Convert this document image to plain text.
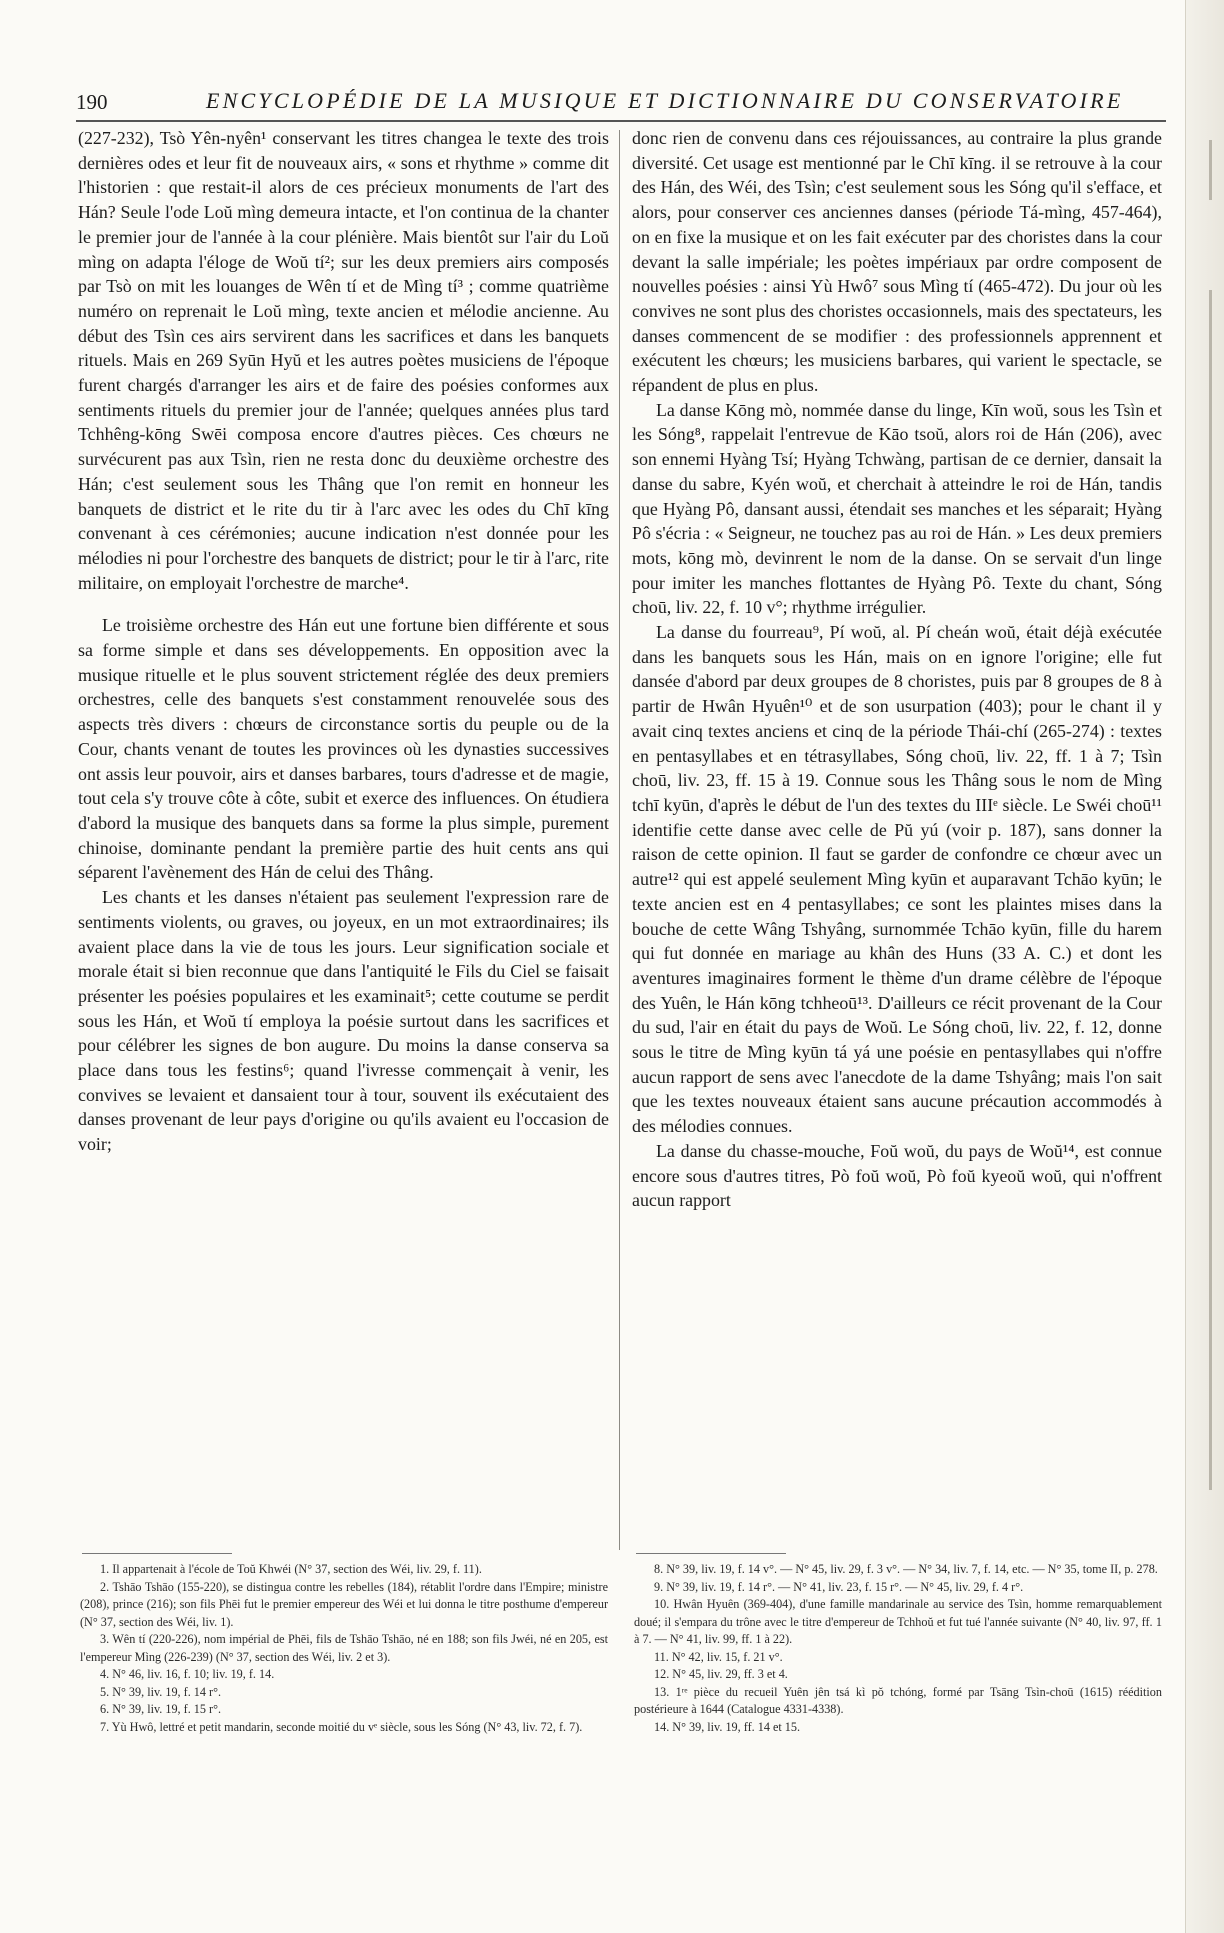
190	ENCYCLOPÉDIE DE LA MUSIQUE ET DICTIONNAIRE DU CONSERVATOIRE

(227-232), Tsò Yên-nyên¹ conservant les titres changea le texte des trois dernières odes et leur fit de nouveaux airs, « sons et rhythme » comme dit l'historien : que restait-il alors de ces précieux monuments de l'art des Hán? Seule l'ode Loŭ mìng demeura intacte, et l'on continua de la chanter le premier jour de l'année à la cour plénière. Mais bientôt sur l'air du Loŭ mìng on adapta l'éloge de Woŭ tí²; sur les deux premiers airs composés par Tsò on mit les louanges de Wên tí et de Mìng tí³ ; comme quatrième numéro on reprenait le Loŭ mìng, texte ancien et mélodie ancienne. Au début des Tsìn ces airs servirent dans les sacrifices et dans les banquets rituels. Mais en 269 Syūn Hyŭ et les autres poètes musiciens de l'époque furent chargés d'arranger les airs et de faire des poésies conformes aux sentiments rituels du premier jour de l'année; quelques années plus tard Tchhêng-kōng Swēi composa encore d'autres pièces. Ces chœurs ne survécurent pas aux Tsìn, rien ne resta donc du deuxième orchestre des Hán; c'est seulement sous les Thâng que l'on remit en honneur les banquets de district et le rite du tir à l'arc avec les odes du Chī kīng convenant à ces cérémonies; aucune indication n'est donnée pour les mélodies ni pour l'orchestre des banquets de district; pour le tir à l'arc, rite militaire, on employait l'orchestre de marche⁴.

Le troisième orchestre des Hán eut une fortune bien différente et sous sa forme simple et dans ses développements. En opposition avec la musique rituelle et le plus souvent strictement réglée des deux premiers orchestres, celle des banquets s'est constamment renouvelée sous des aspects très divers : chœurs de circonstance sortis du peuple ou de la Cour, chants venant de toutes les provinces où les dynasties successives ont assis leur pouvoir, airs et danses barbares, tours d'adresse et de magie, tout cela s'y trouve côte à côte, subit et exerce des influences. On étudiera d'abord la musique des banquets dans sa forme la plus simple, purement chinoise, dominante pendant la première partie des huit cents ans qui séparent l'avènement des Hán de celui des Thâng.

Les chants et les danses n'étaient pas seulement l'expression rare de sentiments violents, ou graves, ou joyeux, en un mot extraordinaires; ils avaient place dans la vie de tous les jours. Leur signification sociale et morale était si bien reconnue que dans l'antiquité le Fils du Ciel se faisait présenter les poésies populaires et les examinait⁵; cette coutume se perdit sous les Hán, et Woŭ tí employa la poésie surtout dans les sacrifices et pour célébrer les signes de bon augure. Du moins la danse conserva sa place dans tous les festins⁶; quand l'ivresse commençait à venir, les convives se levaient et dansaient tour à tour, souvent ils exécutaient des danses provenant de leur pays d'origine ou qu'ils avaient eu l'occasion de voir;

donc rien de convenu dans ces réjouissances, au contraire la plus grande diversité. Cet usage est mentionné par le Chī kīng. il se retrouve à la cour des Hán, des Wéi, des Tsìn; c'est seulement sous les Sóng qu'il s'efface, et alors, pour conserver ces anciennes danses (période Tá-mìng, 457-464), on en fixe la musique et on les fait exécuter par des choristes dans la cour devant la salle impériale; les poètes impériaux par ordre composent de nouvelles poésies : ainsi Yù Hwô⁷ sous Mìng tí (465-472). Du jour où les convives ne sont plus des choristes occasionnels, mais des spectateurs, les danses commencent de se modifier : des professionnels apprennent et exécutent les chœurs; les musiciens barbares, qui varient le spectacle, se répandent de plus en plus.

La danse Kōng mò, nommée danse du linge, Kīn woŭ, sous les Tsìn et les Sóng⁸, rappelait l'entrevue de Kāo tsoŭ, alors roi de Hán (206), avec son ennemi Hyàng Tsí; Hyàng Tchwàng, partisan de ce dernier, dansait la danse du sabre, Kyén woŭ, et cherchait à atteindre le roi de Hán, tandis que Hyàng Pô, dansant aussi, étendait ses manches et les séparait; Hyàng Pô s'écria : « Seigneur, ne touchez pas au roi de Hán. » Les deux premiers mots, kōng mò, devinrent le nom de la danse. On se servait d'un linge pour imiter les manches flottantes de Hyàng Pô. Texte du chant, Sóng choū, liv. 22, f. 10 v°; rhythme irrégulier.

La danse du fourreau⁹, Pí woŭ, al. Pí cheán woŭ, était déjà exécutée dans les banquets sous les Hán, mais on en ignore l'origine; elle fut dansée d'abord par deux groupes de 8 choristes, puis par 8 groupes de 8 à partir de Hwân Hyuên¹⁰ et de son usurpation (403); pour le chant il y avait cinq textes anciens et cinq de la période Thái-chí (265-274) : textes en pentasyllabes et en tétrasyllabes, Sóng choū, liv. 22, ff. 1 à 7; Tsìn choū, liv. 23, ff. 15 à 19. Connue sous les Thâng sous le nom de Mìng tchī kyūn, d'après le début de l'un des textes du IIIᵉ siècle. Le Swéi choū¹¹ identifie cette danse avec celle de Pŭ yú (voir p. 187), sans donner la raison de cette opinion. Il faut se garder de confondre ce chœur avec un autre¹² qui est appelé seulement Mìng kyūn et auparavant Tchāo kyūn; le texte ancien est en 4 pentasyllabes; ce sont les plaintes mises dans la bouche de cette Wâng Tshyâng, surnommée Tchāo kyūn, fille du harem qui fut donnée en mariage au khân des Huns (33 A. C.) et dont les aventures imaginaires forment le thème d'un drame célèbre de l'époque des Yuên, le Hán kōng tchheoū¹³. D'ailleurs ce récit provenant de la Cour du sud, l'air en était du pays de Woŭ. Le Sóng choū, liv. 22, f. 12, donne sous le titre de Mìng kyūn tá yá une poésie en pentasyllabes qui n'offre aucun rapport de sens avec l'anecdote de la dame Tshyâng; mais l'on sait que les textes nouveaux étaient sans aucune précaution accommodés à des mélodies connues.

La danse du chasse-mouche, Foŭ woŭ, du pays de Woŭ¹⁴, est connue encore sous d'autres titres, Pò foŭ woŭ, Pò foŭ kyeoŭ woŭ, qui n'offrent aucun rapport

1. Il appartenait à l'école de Toŭ Khwéi (N° 37, section des Wéi, liv. 29, f. 11).

2. Tshāo Tshāo (155-220), se distingua contre les rebelles (184), rétablit l'ordre dans l'Empire; ministre (208), prince (216); son fils Phēi fut le premier empereur des Wéi et lui donna le titre posthume d'empereur (N° 37, section des Wéi, liv. 1).

3. Wên tí (220-226), nom impérial de Phēi, fils de Tshāo Tshāo, né en 188; son fils Jwéi, né en 205, est l'empereur Mìng (226-239) (N° 37, section des Wéi, liv. 2 et 3).

4. N° 46, liv. 16, f. 10; liv. 19, f. 14.

5. N° 39, liv. 19, f. 14 r°.

6. N° 39, liv. 19, f. 15 r°.

7. Yù Hwô, lettré et petit mandarin, seconde moitié du vᵉ siècle, sous les Sóng (N° 43, liv. 72, f. 7).

8. N° 39, liv. 19, f. 14 v°. — N° 45, liv. 29, f. 3 v°. — N° 34, liv. 7, f. 14, etc. — N° 35, tome II, p. 278.

9. N° 39, liv. 19, f. 14 r°. — N° 41, liv. 23, f. 15 r°. — N° 45, liv. 29, f. 4 r°.

10. Hwân Hyuên (369-404), d'une famille mandarinale au service des Tsìn, homme remarquablement doué; il s'empara du trône avec le titre d'empereur de Tchhoŭ et fut tué l'année suivante (N° 40, liv. 97, ff. 1 à 7. — N° 41, liv. 99, ff. 1 à 22).

11. N° 42, liv. 15, f. 21 v°.

12. N° 45, liv. 29, ff. 3 et 4.

13. 1ʳᵉ pièce du recueil Yuên jên tsá kì pŏ tchóng, formé par Tsāng Tsìn-choū (1615) réédition postérieure à 1644 (Catalogue 4331-4338).

14. N° 39, liv. 19, ff. 14 et 15.
